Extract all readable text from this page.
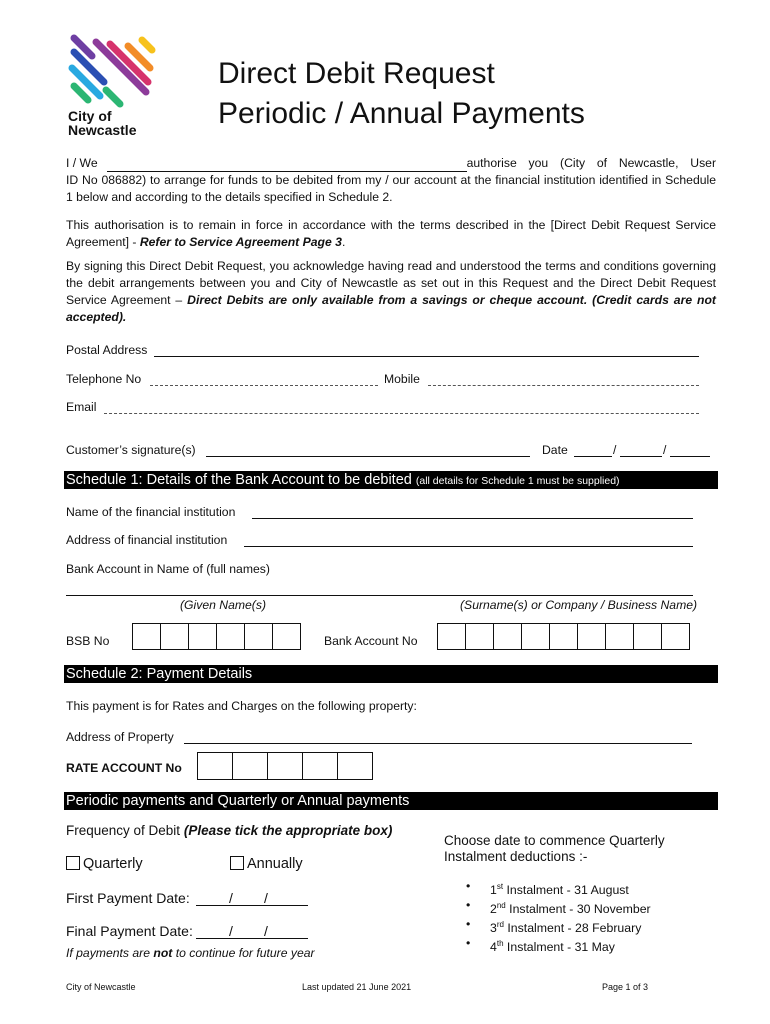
City of
Newcastle
Direct Debit Request
Periodic / Annual Payments
I / We	authorise you (City of Newcastle, User

ID No 086882) to arrange for funds to be debited from my / our account at the financial institution identified in Schedule 1 below and according to the details specified in Schedule 2.

This authorisation is to remain in force in accordance with the terms described in the [Direct Debit Request Service Agreement] - Refer to Service Agreement Page 3.

By signing this Direct Debit Request, you acknowledge having read and understood the terms and conditions governing the debit arrangements between you and City of Newcastle as set out in this Request and the Direct Debit Request Service Agreement – Direct Debits are only available from a savings or cheque account. (Credit cards are not accepted).

Postal Address
Telephone No	Mobile
Email
Customer’s signature(s)	Date	/	/
Schedule 1: Details of the Bank Account to be debited (all details for Schedule 1 must be supplied)
Name of the financial institution
Address of financial institution
Bank Account in Name of (full names)
(Given Name(s)	(Surname(s) or Company / Business Name)
BSB No	Bank Account No
Schedule 2: Payment Details
This payment is for Rates and Charges on the following property:
Address of Property
RATE ACCOUNT No
Periodic payments and Quarterly or Annual payments
Frequency of Debit (Please tick the appropriate box)
Quarterly	Annually
First Payment Date:	/ /
Final Payment Date:	/ /
If payments are not to continue for future year
Choose date to commence Quarterly Instalment deductions :-
• 1st Instalment - 31 August
• 2nd Instalment - 30 November
• 3rd Instalment - 28 February
• 4th Instalment - 31 May
City of Newcastle	Last updated 21 June 2021	Page 1 of 3
